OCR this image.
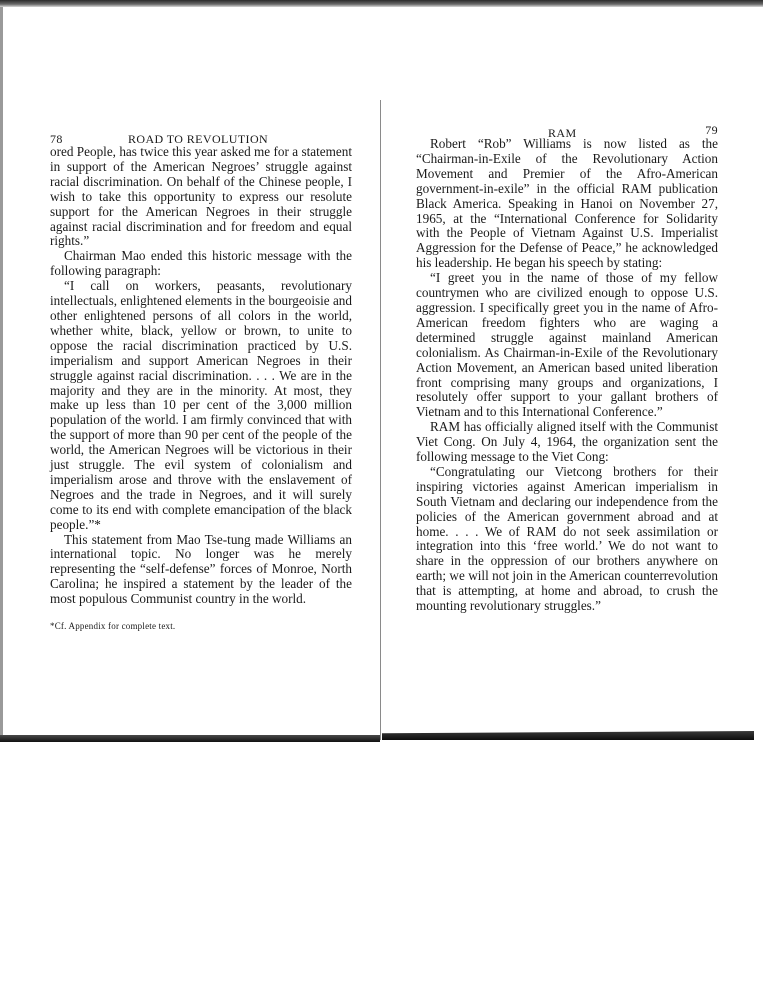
78	ROAD TO REVOLUTION

ored People, has twice this year asked me for a statement in support of the American Negroes’ struggle against racial discrimination. On behalf of the Chinese people, I wish to take this opportunity to express our resolute support for the American Negroes in their struggle against racial discrimination and for freedom and equal rights.”

Chairman Mao ended this historic message with the following paragraph:

“I call on workers, peasants, revolutionary intellectuals, enlightened elements in the bourgeoisie and other enlightened persons of all colors in the world, whether white, black, yellow or brown, to unite to oppose the racial discrimination practiced by U.S. imperialism and support American Negroes in their struggle against racial discrimination. . . . We are in the majority and they are in the minority. At most, they make up less than 10 per cent of the 3,000 million population of the world. I am firmly convinced that with the support of more than 90 per cent of the people of the world, the American Negroes will be victorious in their just struggle. The evil system of colonialism and imperialism arose and throve with the enslavement of Negroes and the trade in Negroes, and it will surely come to its end with complete emancipation of the black people.”*

This statement from Mao Tse-tung made Williams an international topic. No longer was he merely representing the “self-defense” forces of Monroe, North Carolina; he inspired a statement by the leader of the most populous Communist country in the world.

*Cf. Appendix for complete text.
RAM	79

Robert “Rob” Williams is now listed as the “Chairman-in-Exile of the Revolutionary Action Movement and Premier of the Afro-American government-in-exile” in the official RAM publication Black America. Speaking in Hanoi on November 27, 1965, at the “International Conference for Solidarity with the People of Vietnam Against U.S. Imperialist Aggression for the Defense of Peace,” he acknowledged his leadership. He began his speech by stating:

“I greet you in the name of those of my fellow countrymen who are civilized enough to oppose U.S. aggression. I specifically greet you in the name of Afro-American freedom fighters who are waging a determined struggle against mainland American colonialism. As Chairman-in-Exile of the Revolutionary Action Movement, an American based united liberation front comprising many groups and organizations, I resolutely offer support to your gallant brothers of Vietnam and to this International Conference.”

RAM has officially aligned itself with the Communist Viet Cong. On July 4, 1964, the organization sent the following message to the Viet Cong:

“Congratulating our Vietcong brothers for their inspiring victories against American imperialism in South Vietnam and declaring our independence from the policies of the American government abroad and at home. . . . We of RAM do not seek assimilation or integration into this ‘free world.’ We do not want to share in the oppression of our brothers anywhere on earth; we will not join in the American counterrevolution that is attempting, at home and abroad, to crush the mounting revolutionary struggles.”
